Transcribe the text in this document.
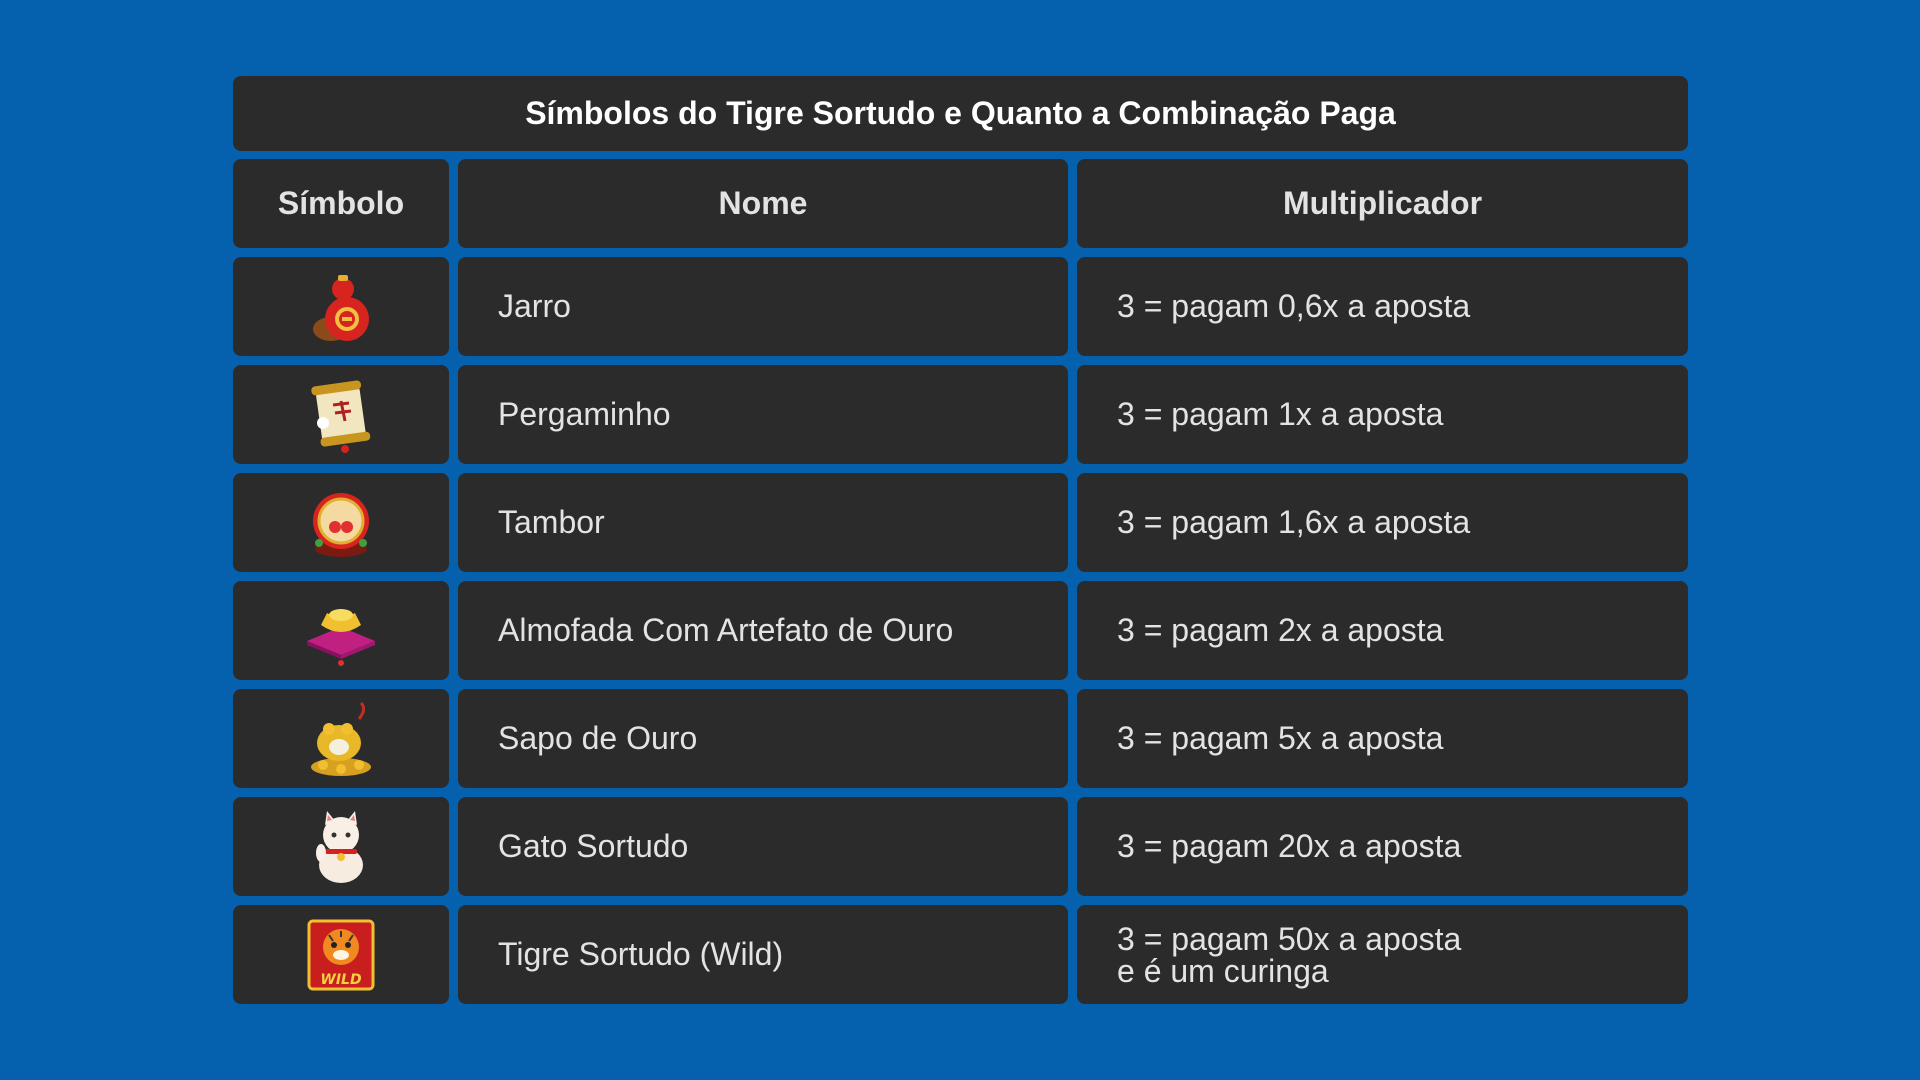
Símbolos do Tigre Sortudo e Quanto a Combinação Paga
Símbolo	Nome	Multiplicador
Jarro	3 = pagam 0,6x a aposta
Pergaminho	3 = pagam 1x a aposta
Tambor	3 = pagam 1,6x a aposta
Almofada Com Artefato de Ouro	3 = pagam 2x a aposta
Sapo de Ouro	3 = pagam 5x a aposta
Gato Sortudo	3 = pagam 20x a aposta
WILD
Tigre Sortudo (Wild)	3 = pagam 50x a aposta
e é um curinga
